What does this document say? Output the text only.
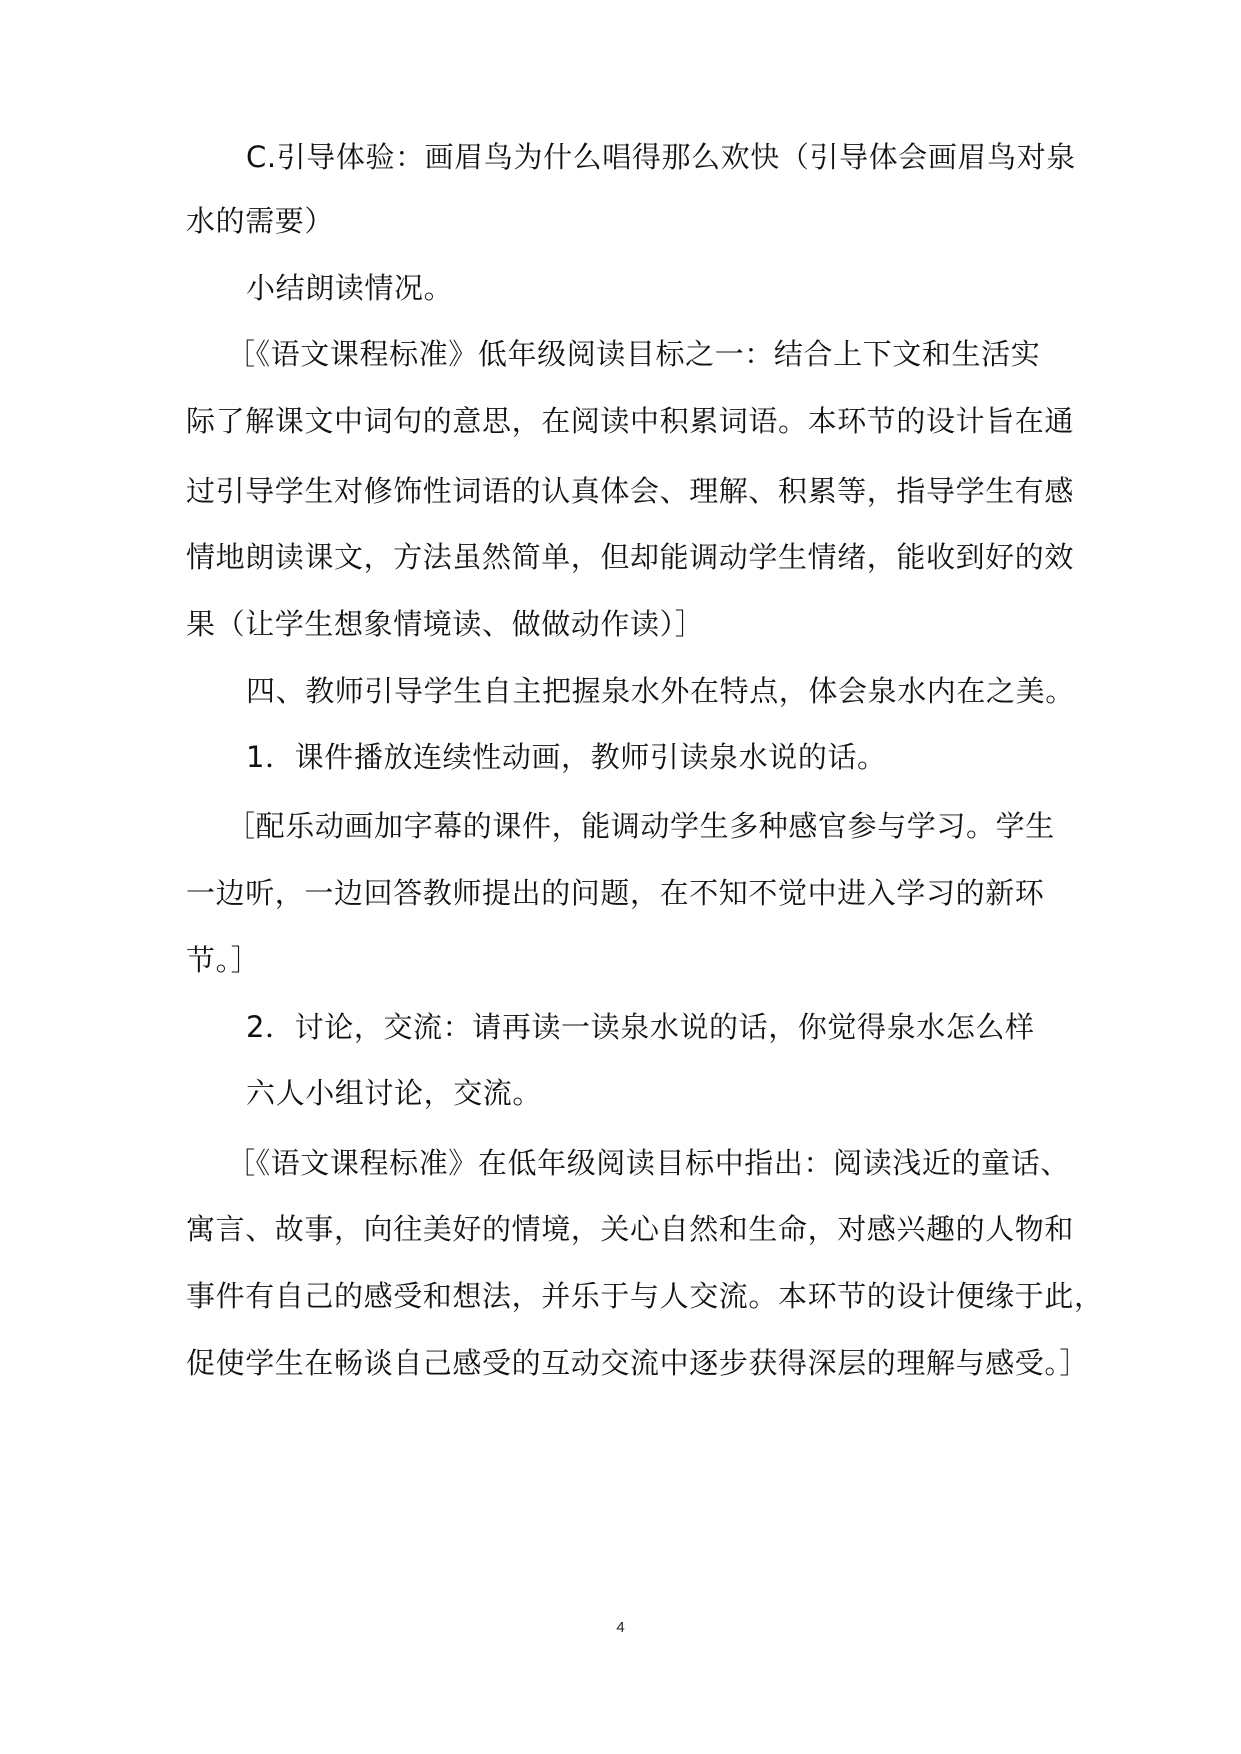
C.引导体验：画眉鸟为什么唱得那么欢快（引导体会画眉鸟对泉
水的需要）
小结朗读情况。
［《语文课程标准》低年级阅读目标之一：结合上下文和生活实
际了解课文中词句的意思，在阅读中积累词语。本环节的设计旨在通
过引导学生对修饰性词语的认真体会、理解、积累等，指导学生有感
情地朗读课文，方法虽然简单，但却能调动学生情绪，能收到好的效
果（让学生想象情境读、做做动作读）］
四、教师引导学生自主把握泉水外在特点，体会泉水内在之美。
1．课件播放连续性动画，教师引读泉水说的话。
［配乐动画加字幕的课件，能调动学生多种感官参与学习。学生
一边听，一边回答教师提出的问题，在不知不觉中进入学习的新环
节。］
2．讨论，交流：请再读一读泉水说的话，你觉得泉水怎么样
六人小组讨论，交流。
［《语文课程标准》在低年级阅读目标中指出：阅读浅近的童话、
寓言、故事，向往美好的情境，关心自然和生命，对感兴趣的人物和
事件有自己的感受和想法，并乐于与人交流。本环节的设计便缘于此，
促使学生在畅谈自己感受的互动交流中逐步获得深层的理解与感受。］
4
